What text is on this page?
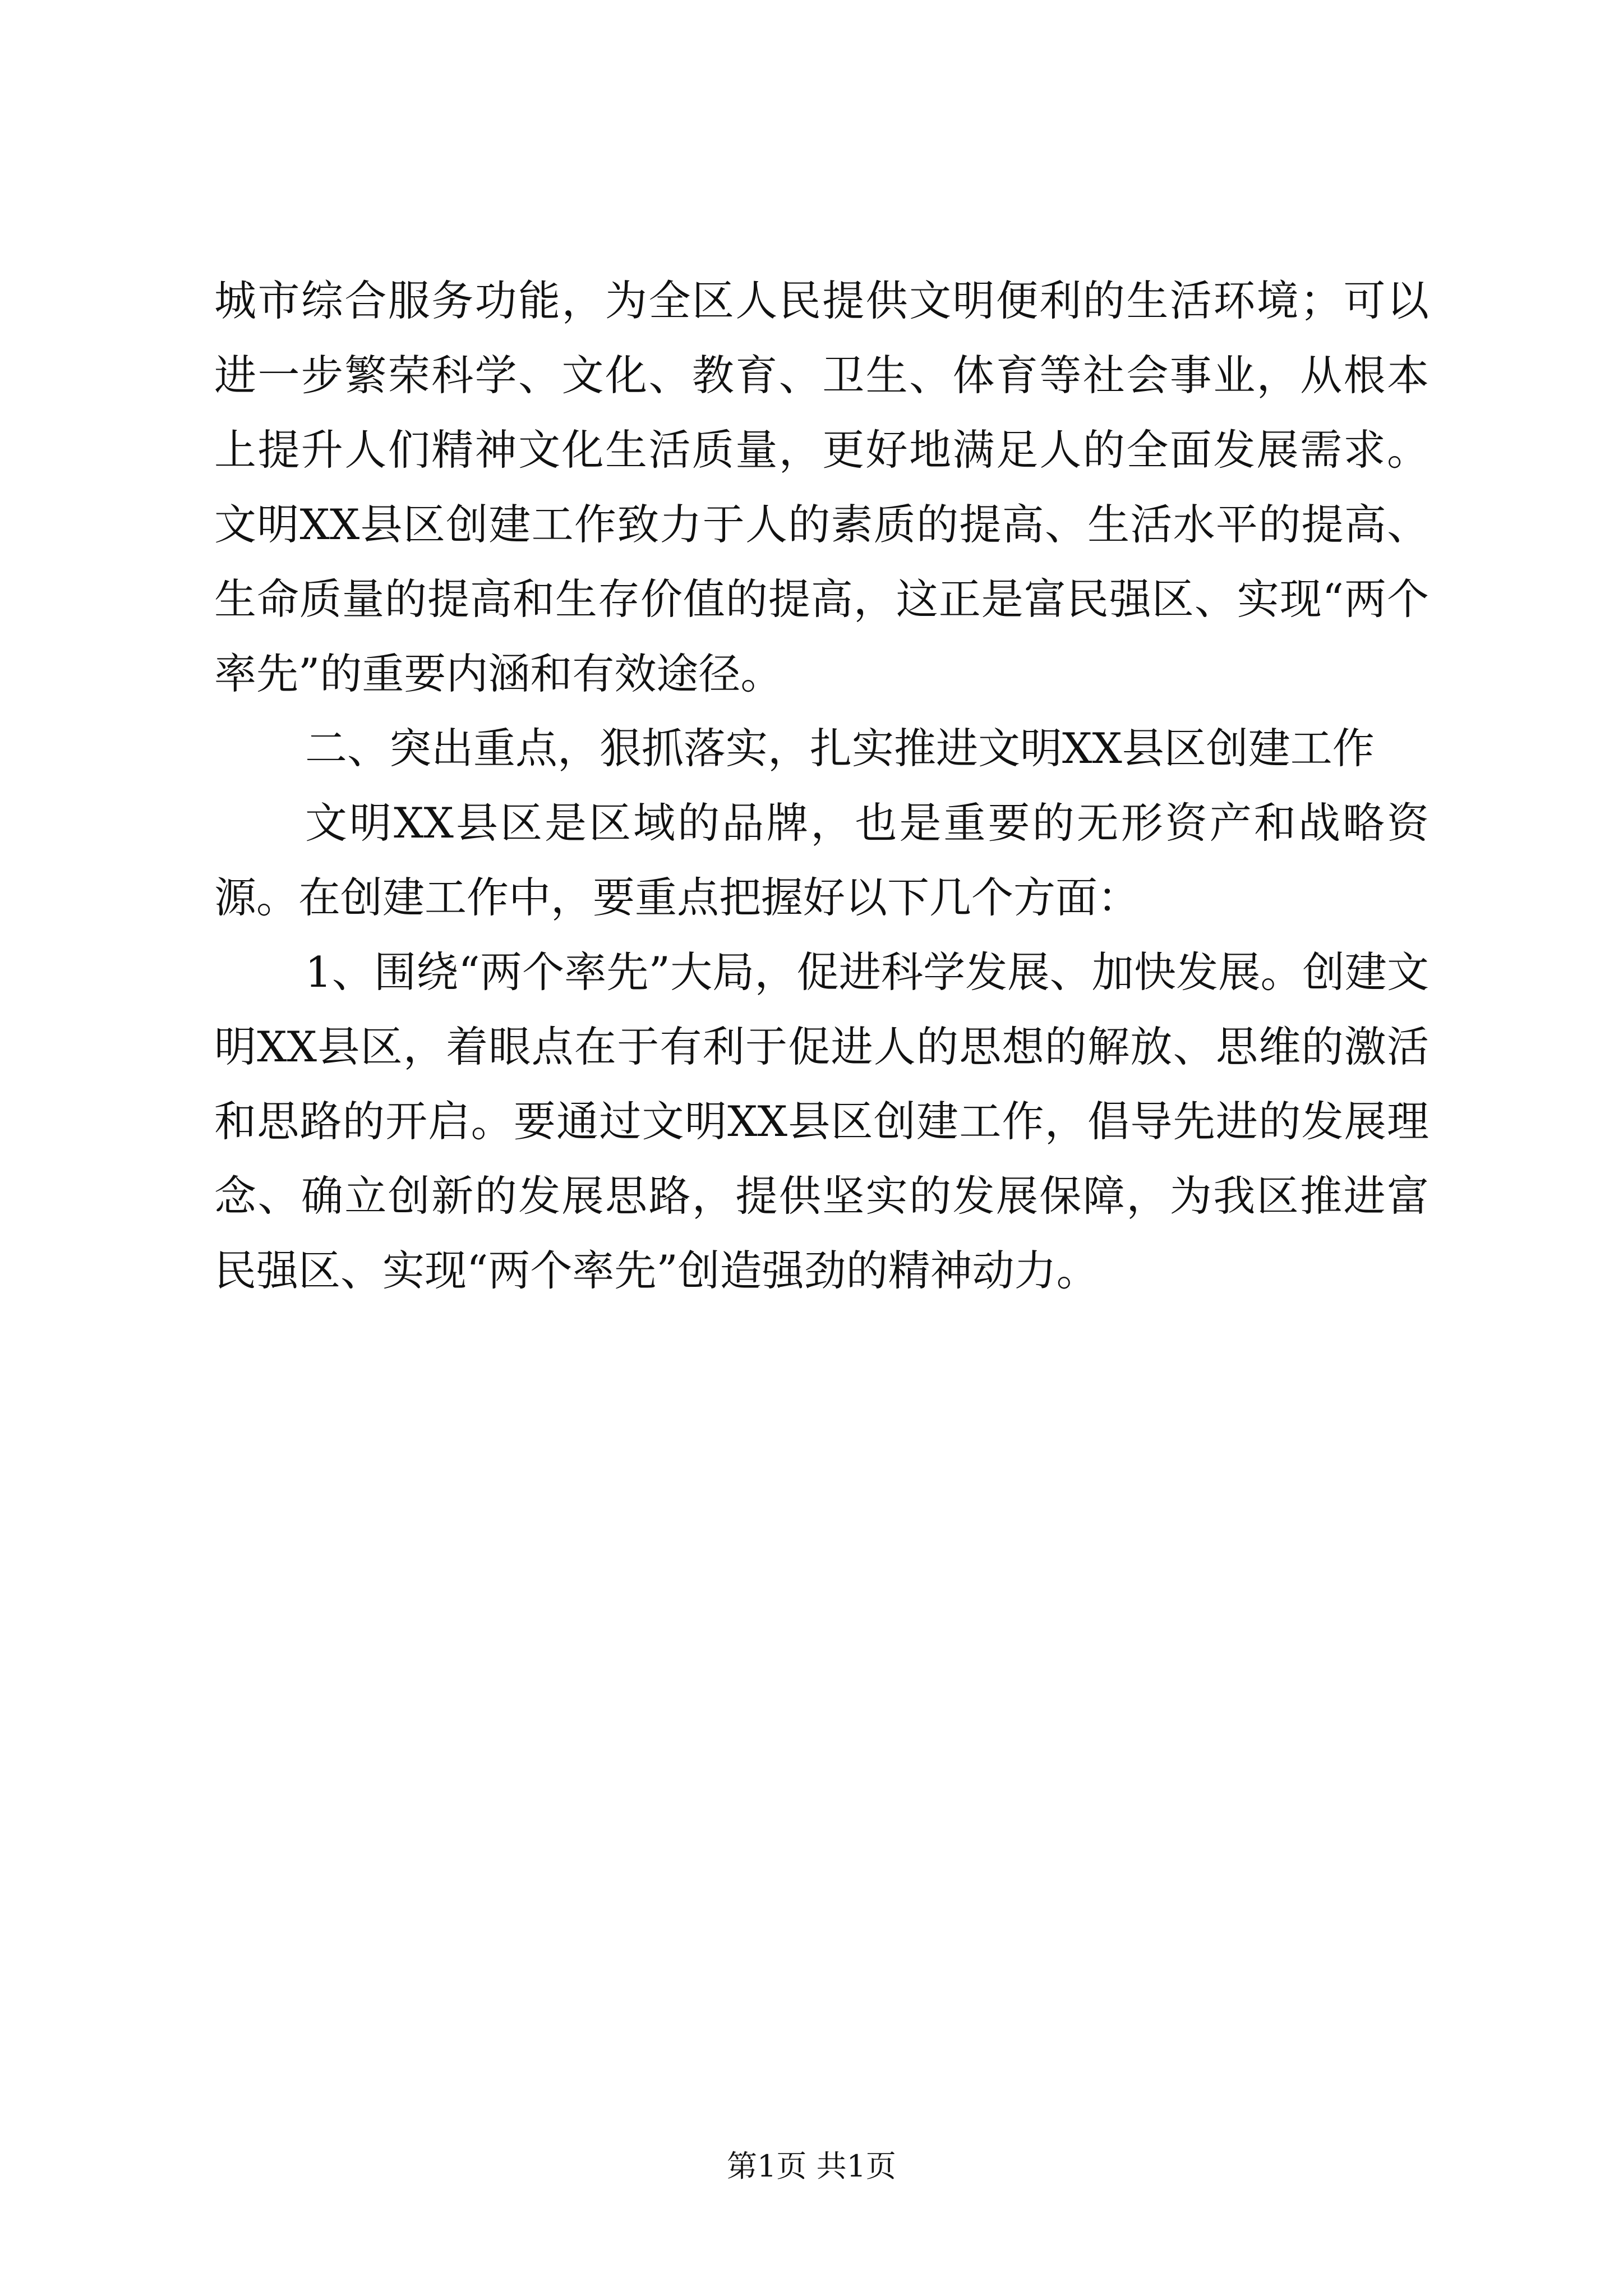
城市综合服务功能，为全区人民提供文明便利的生活环境；可以进一步繁荣科学、文化、教育、卫生、体育等社会事业，从根本上提升人们精神文化生活质量，更好地满足人的全面发展需求。文明XX县区创建工作致力于人的素质的提高、生活水平的提高、生命质量的提高和生存价值的提高，这正是富民强区、实现“两个率先”的重要内涵和有效途径。

二、突出重点，狠抓落实，扎实推进文明XX县区创建工作

文明XX县区是区域的品牌，也是重要的无形资产和战略资源。在创建工作中，要重点把握好以下几个方面：

1、围绕“两个率先”大局，促进科学发展、加快发展。创建文明XX县区，着眼点在于有利于促进人的思想的解放、思维的激活和思路的开启。要通过文明XX县区创建工作，倡导先进的发展理念、确立创新的发展思路，提供坚实的发展保障，为我区推进富民强区、实现“两个率先”创造强劲的精神动力。

第1页 共1页
